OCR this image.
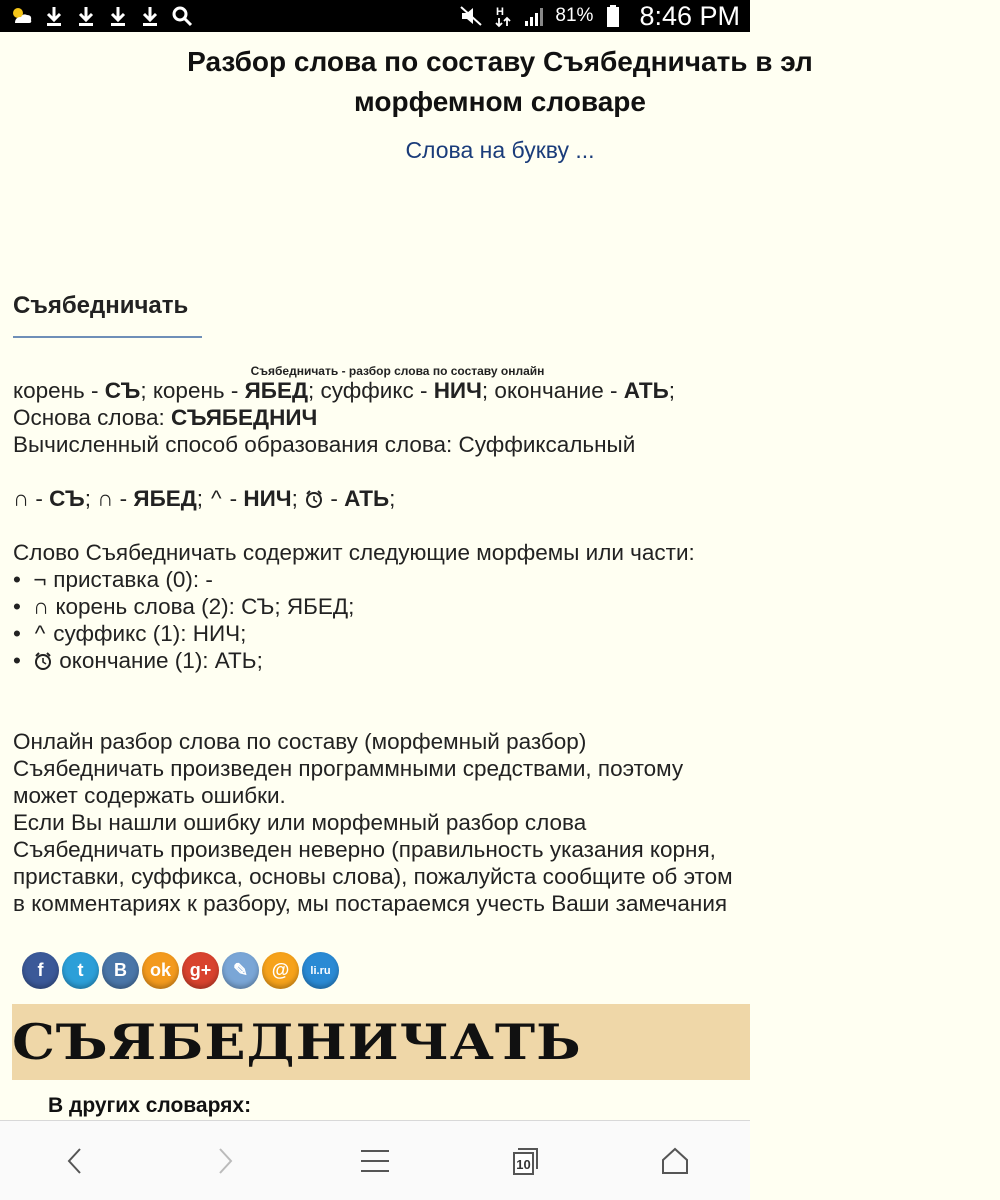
H	81% 8:46 PM
Разбор слова по составу Съябедничать в эл
морфемном словаре
Слова на букву ...
Съябедничать
Съябедничать - разбор слова по составу онлайн
корень - СЪ; корень - ЯБЕД; суффикс - НИЧ; окончание - АТЬ;
Основа слова: СЪЯБЕДНИЧ
Вычисленный способ образования слова: Суффиксальный
∩ - СЪ; ∩ - ЯБЕД; ^ - НИЧ;  - АТЬ;
Слово Съябедничать содержит следующие морфемы или части:
• ¬ приставка (0): -
• ∩ корень слова (2): СЪ; ЯБЕД;
• ^ суффикс (1): НИЧ;
• окончание (1): АТЬ;
Онлайн разбор слова по составу (морфемный разбор) Съябедничать произведен программными средствами, поэтому может содержать ошибки.
Если Вы нашли ошибку или морфемный разбор слова Съябедничать произведен неверно (правильность указания корня, приставки, суффикса, основы слова), пожалуйста сообщите об этом в комментариях к разбору, мы постараемся учесть Ваши замечания
f	t	B	ok	g+	✎	@	li.ru
СЪЯБЕДНИЧАТЬ
В других словарях:
10
